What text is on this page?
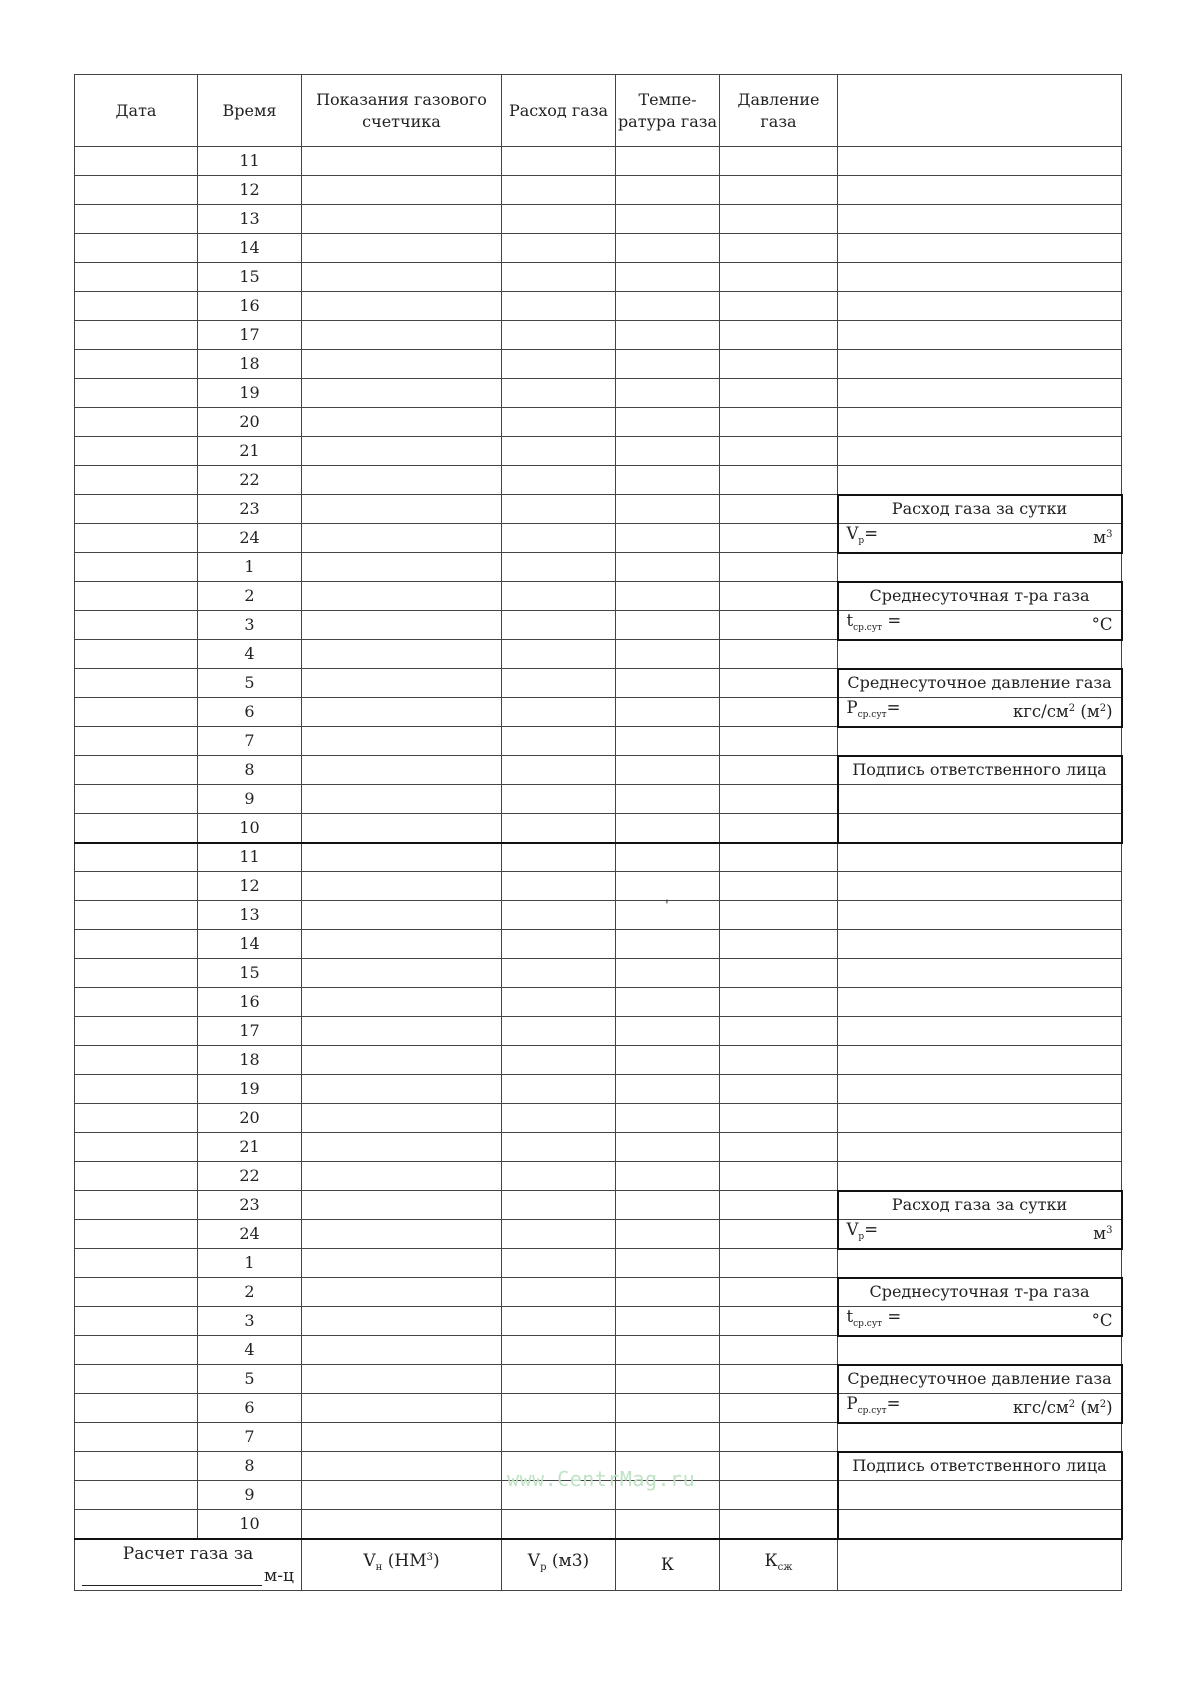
Дата	Время	Показания газового счетчика	Расход газа	Темпе- ратура газа	Давление газа	
	11					
	12					
	13					
	14					
	15					
	16					
	17					
	18					
	19					
	20					
	21					
	22					
	23					Расход газа за сутки
	24					$V_р= м^3$

	1					
	2					Среднесуточная т-ра газа
	3					$t_{ср.сут} = ^\circ С$

	4					
	5					Среднесуточное давление газа
	6					$P_{ср.сут}= кгс/см^2$ $(м^2)$

	7					
	8					Подпись ответственного лица
	9					
	10					
	11					
	12					
	13					
	14					
	15					
	16					
	17					
	18					
	19					
	20					
	21					
	22					
	23					Расход газа за сутки
	24					$V_р= м^3$

	1					
	2					Среднесуточная т-ра газа
	3					$t_{ср.сут} = ^\circ С$

	4					
	5					Среднесуточное давление газа
	6					$P_{ср.сут}= кгс/см^2$ $(м^2)$

	7					
	8					Подпись ответственного лица
	9					
	10					

Расчет газа за
м-ц		$V_н$ $(НМ^3)$	$V_р$ (м3)	К	$К_{сж}$	
'
www.CentrMag.ru
